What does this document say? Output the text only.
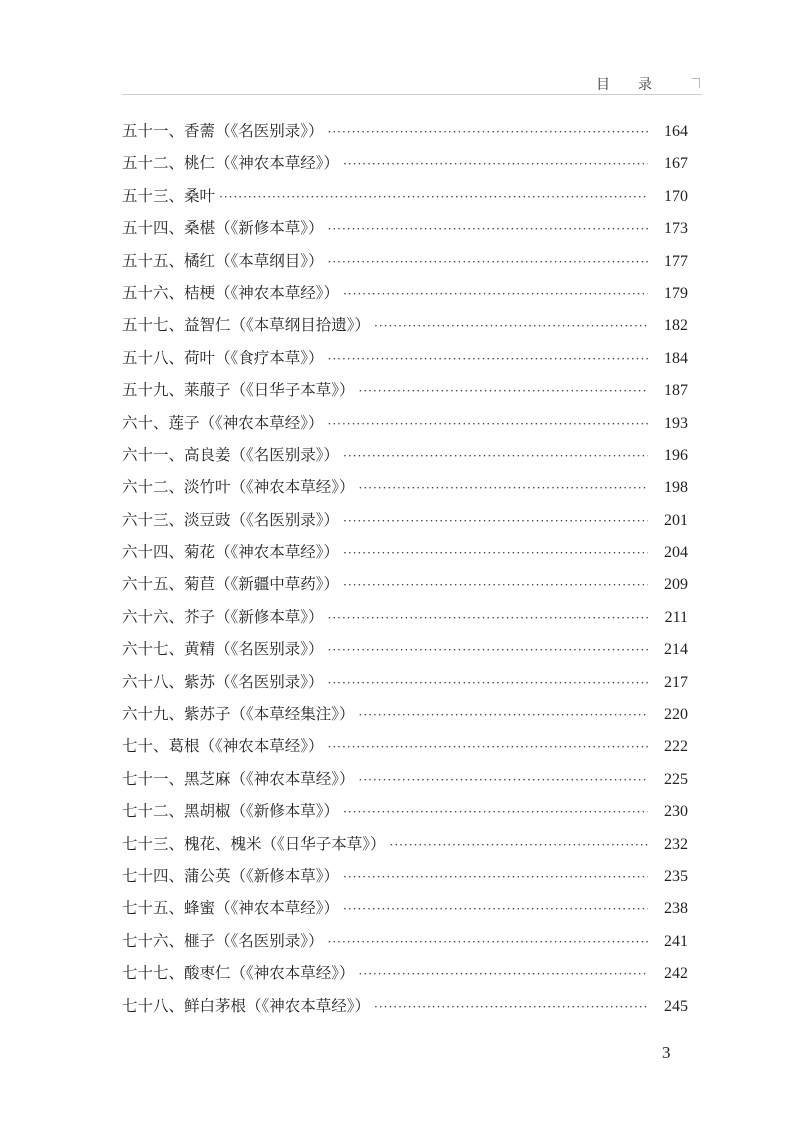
目录
五十一、香薷（《名医别录》） ·····	164
五十二、桃仁（《神农本草经》） ·····	167
五十三、桑叶 ·····	170
五十四、桑椹（《新修本草》） ·····	173
五十五、橘红（《本草纲目》） ·····	177
五十六、桔梗（《神农本草经》） ·····	179
五十七、益智仁（《本草纲目拾遗》） ·····	182
五十八、荷叶（《食疗本草》） ·····	184
五十九、莱菔子（《日华子本草》） ·····	187
六十、莲子（《神农本草经》） ·····	193
六十一、高良姜（《名医别录》） ·····	196
六十二、淡竹叶（《神农本草经》） ·····	198
六十三、淡豆豉（《名医别录》） ·····	201
六十四、菊花（《神农本草经》） ·····	204
六十五、菊苣（《新疆中草药》） ·····	209
六十六、芥子（《新修本草》） ·····	211
六十七、黄精（《名医别录》） ·····	214
六十八、紫苏（《名医别录》） ·····	217
六十九、紫苏子（《本草经集注》） ·····	220
七十、葛根（《神农本草经》） ·····	222
七十一、黑芝麻（《神农本草经》） ·····	225
七十二、黑胡椒（《新修本草》） ·····	230
七十三、槐花、槐米（《日华子本草》） ·····	232
七十四、蒲公英（《新修本草》） ·····	235
七十五、蜂蜜（《神农本草经》） ·····	238
七十六、榧子（《名医别录》） ·····	241
七十七、酸枣仁（《神农本草经》） ·····	242
七十八、鲜白茅根（《神农本草经》） ·····	245
3
